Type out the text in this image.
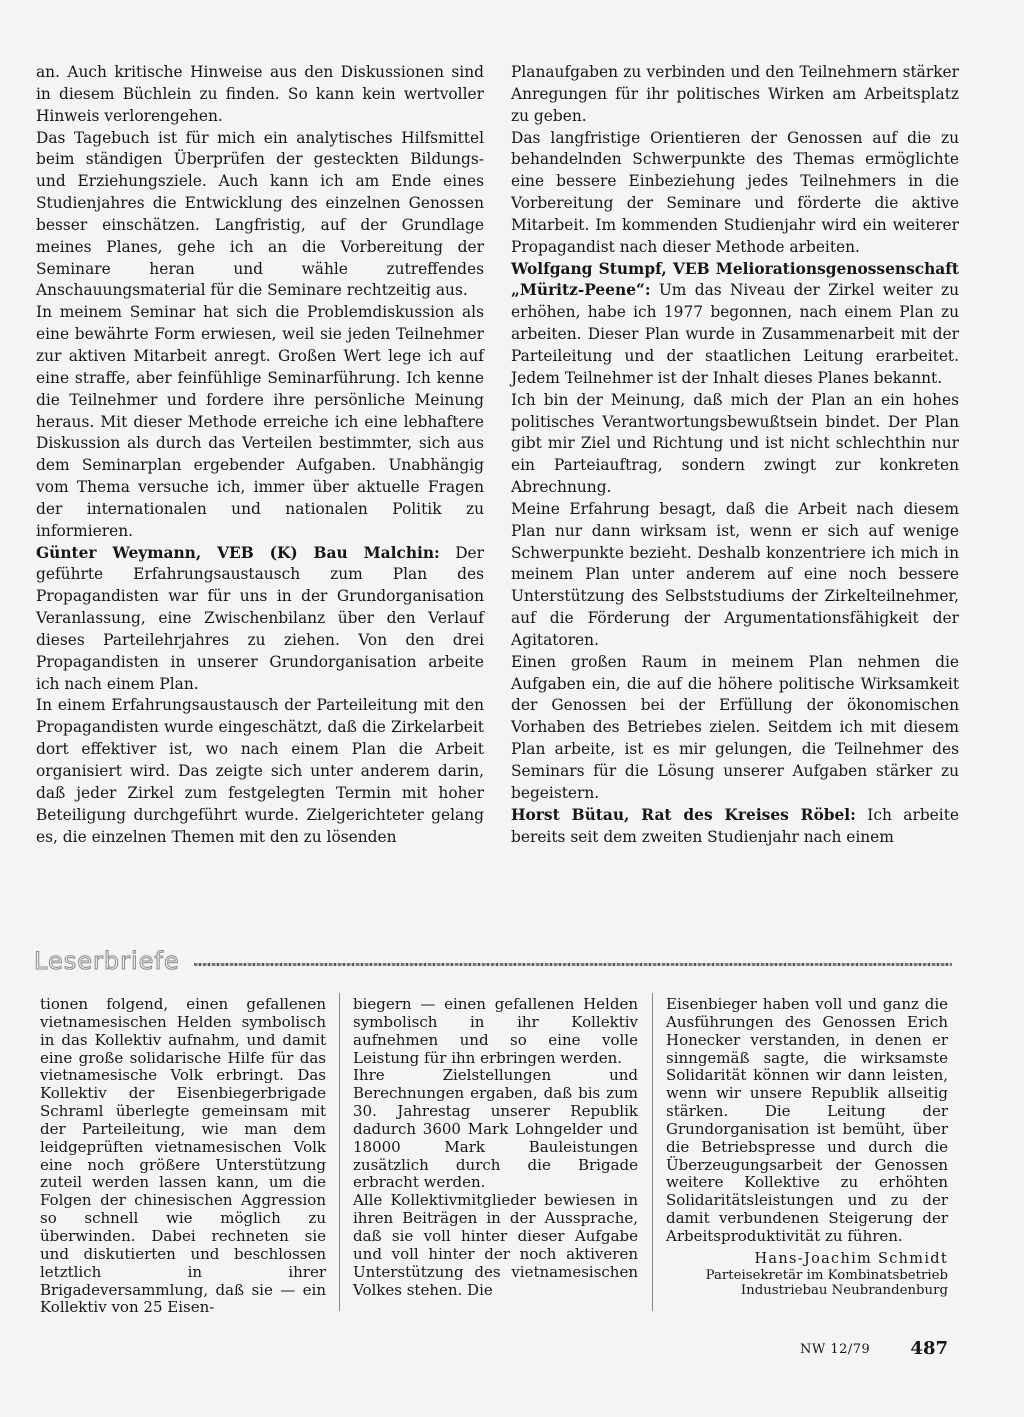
an. Auch kritische Hinweise aus den Diskussionen sind in diesem Büchlein zu finden. So kann kein wertvoller Hinweis verlorengehen.

Das Tagebuch ist für mich ein analytisches Hilfsmittel beim ständigen Überprüfen der gesteckten Bildungs- und Erziehungsziele. Auch kann ich am Ende eines Studienjahres die Entwicklung des einzelnen Genossen besser einschätzen. Langfristig, auf der Grundlage meines Planes, gehe ich an die Vorbereitung der Seminare heran und wähle zutreffendes Anschauungsmaterial für die Seminare rechtzeitig aus.

In meinem Seminar hat sich die Problemdiskussion als eine bewährte Form erwiesen, weil sie jeden Teilnehmer zur aktiven Mitarbeit anregt. Großen Wert lege ich auf eine straffe, aber feinfühlige Seminarführung. Ich kenne die Teilnehmer und fordere ihre persönliche Meinung heraus. Mit dieser Methode erreiche ich eine lebhaftere Diskussion als durch das Verteilen bestimmter, sich aus dem Seminarplan ergebender Aufgaben. Unabhängig vom Thema versuche ich, immer über aktuelle Fragen der internationalen und nationalen Politik zu informieren.

Günter Weymann, VEB (K) Bau Malchin: Der geführte Erfahrungsaustausch zum Plan des Propagandisten war für uns in der Grundorganisation Veranlassung, eine Zwischenbilanz über den Verlauf dieses Parteilehrjahres zu ziehen. Von den drei Propagandisten in unserer Grundorganisation arbeite ich nach einem Plan.

In einem Erfahrungsaustausch der Parteileitung mit den Propagandisten wurde eingeschätzt, daß die Zirkelarbeit dort effektiver ist, wo nach einem Plan die Arbeit organisiert wird. Das zeigte sich unter anderem darin, daß jeder Zirkel zum festgelegten Termin mit hoher Beteiligung durchgeführt wurde. Zielgerichteter gelang es, die einzelnen Themen mit den zu lösenden

Planaufgaben zu verbinden und den Teilnehmern stärker Anregungen für ihr politisches Wirken am Arbeitsplatz zu geben.

Das langfristige Orientieren der Genossen auf die zu behandelnden Schwerpunkte des Themas ermöglichte eine bessere Einbeziehung jedes Teilnehmers in die Vorbereitung der Seminare und förderte die aktive Mitarbeit. Im kommenden Studienjahr wird ein weiterer Propagandist nach dieser Methode arbeiten.

Wolfgang Stumpf, VEB Meliorationsgenossenschaft „Müritz-Peene“: Um das Niveau der Zirkel weiter zu erhöhen, habe ich 1977 begonnen, nach einem Plan zu arbeiten. Dieser Plan wurde in Zusammenarbeit mit der Parteileitung und der staatlichen Leitung erarbeitet. Jedem Teilnehmer ist der Inhalt dieses Planes bekannt.

Ich bin der Meinung, daß mich der Plan an ein hohes politisches Verantwortungsbewußtsein bindet. Der Plan gibt mir Ziel und Richtung und ist nicht schlechthin nur ein Parteiauftrag, sondern zwingt zur konkreten Abrechnung.

Meine Erfahrung besagt, daß die Arbeit nach diesem Plan nur dann wirksam ist, wenn er sich auf wenige Schwerpunkte bezieht. Deshalb konzentriere ich mich in meinem Plan unter anderem auf eine noch bessere Unterstützung des Selbststudiums der Zirkelteilnehmer, auf die Förderung der Argumentationsfähigkeit der Agitatoren.

Einen großen Raum in meinem Plan nehmen die Aufgaben ein, die auf die höhere politische Wirksamkeit der Genossen bei der Erfüllung der ökonomischen Vorhaben des Betriebes zielen. Seitdem ich mit diesem Plan arbeite, ist es mir gelungen, die Teilnehmer des Seminars für die Lösung unserer Aufgaben stärker zu begeistern.

Horst Bütau, Rat des Kreises Röbel: Ich arbeite bereits seit dem zweiten Studienjahr nach einem

Leserbriefe

tionen folgend, einen gefallenen vietnamesischen Helden symbolisch in das Kollektiv aufnahm, und damit eine große solidarische Hilfe für das vietnamesische Volk erbringt. Das Kollektiv der Eisenbiegerbrigade Schraml überlegte gemeinsam mit der Parteileitung, wie man dem leidgeprüften vietnamesischen Volk eine noch größere Unterstützung zuteil werden lassen kann, um die Folgen der chinesischen Aggression so schnell wie möglich zu überwinden. Dabei rechneten sie und diskutierten und beschlossen letztlich in ihrer Brigadeversammlung, daß sie — ein Kollektiv von 25 Eisen-

biegern — einen gefallenen Helden symbolisch in ihr Kollektiv aufnehmen und so eine volle Leistung für ihn erbringen werden.

Ihre Zielstellungen und Berechnungen ergaben, daß bis zum 30. Jahrestag unserer Republik dadurch 3600 Mark Lohngelder und 18000 Mark Bauleistungen zusätzlich durch die Brigade erbracht werden.

Alle Kollektivmitglieder bewiesen in ihren Beiträgen in der Aussprache, daß sie voll hinter dieser Aufgabe und voll hinter der noch aktiveren Unterstützung des vietnamesischen Volkes stehen. Die

Eisenbieger haben voll und ganz die Ausführungen des Genossen Erich Honecker verstanden, in denen er sinngemäß sagte, die wirksamste Solidarität können wir dann leisten, wenn wir unsere Republik allseitig stärken. Die Leitung der Grundorganisation ist bemüht, über die Betriebspresse und durch die Überzeugungsarbeit der Genossen weitere Kollektive zu erhöhten Solidaritätsleistungen und zu der damit verbundenen Steigerung der Arbeitsproduktivität zu führen.

Hans-Joachim Schmidt
Parteisekretär im Kombinatsbetrieb
Industriebau Neubrandenburg
NW 12/79 487
